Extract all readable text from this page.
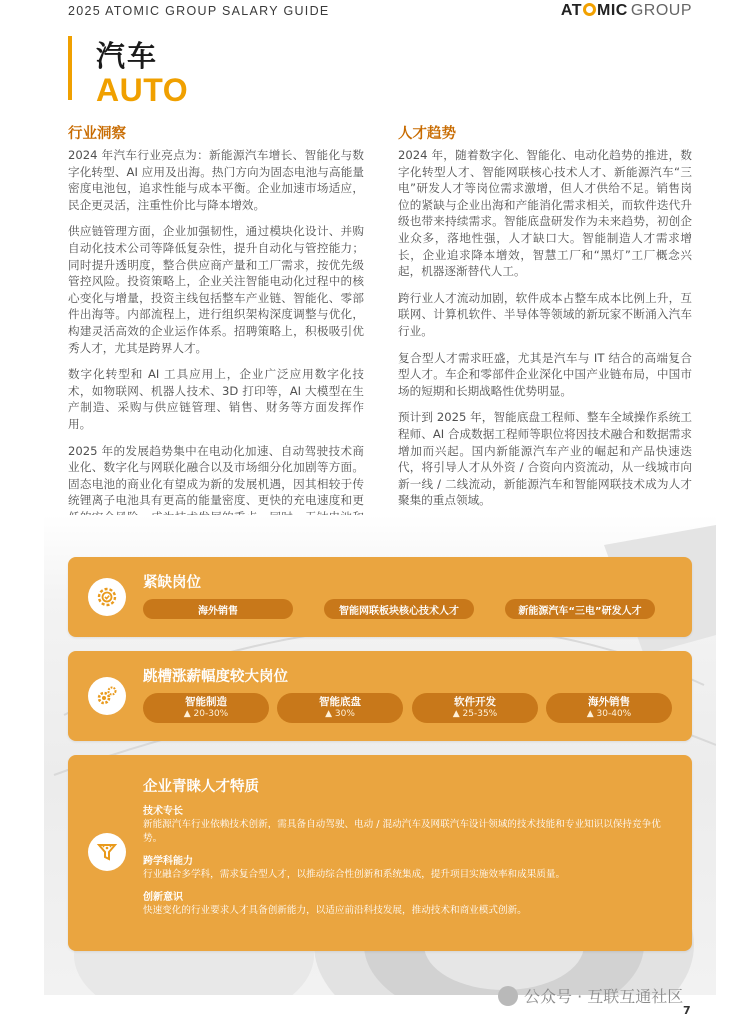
2025 ATOMIC GROUP SALARY GUIDE	AT MIC GROUP
汽车
AUTO
行业洞察

2024 年汽车行业亮点为：新能源汽车增长、智能化与数字化转型、AI 应用及出海。热门方向为固态电池与高能量密度电池包，追求性能与成本平衡。企业加速市场适应，民企更灵活，注重性价比与降本增效。

供应链管理方面，企业加强韧性，通过模块化设计、并购自动化技术公司等降低复杂性，提升自动化与管控能力；同时提升透明度，整合供应商产量和工厂需求，按优先级管控风险。投资策略上，企业关注智能电动化过程中的核心变化与增量，投资主线包括整车产业链、智能化、零部件出海等。内部流程上，进行组织架构深度调整与优化，构建灵活高效的企业运作体系。招聘策略上，积极吸引优秀人才，尤其是跨界人才。

数字化转型和 AI 工具应用上，企业广泛应用数字化技术，如物联网、机器人技术、3D 打印等，AI 大模型在生产制造、采购与供应链管理、销售、财务等方面发挥作用。

2025 年的发展趋势集中在电动化加速、自动驾驶技术商业化、数字化与网联化融合以及市场细分化加剧等方面。固态电池的商业化有望成为新的发展机遇，因其相较于传统锂离子电池具有更高的能量密度、更快的充电速度和更

人才趋势

2024 年，随着数字化、智能化、电动化趋势的推进，数字化转型人才、智能网联核心技术人才、新能源汽车“三电”研发人才等岗位需求激增，但人才供给不足。销售岗位的紧缺与企业出海和产能消化需求相关，而软件迭代升级也带来持续需求。智能底盘研发作为未来趋势，初创企业众多，落地性强，人才缺口大。智能制造人才需求增长，企业追求降本增效，智慧工厂和“黑灯”工厂概念兴起，机器逐渐替代人工。

跨行业人才流动加剧，软件成本占整车成本比例上升，互联网、计算机软件、半导体等领域的新玩家不断涌入汽车行业。

复合型人才需求旺盛，尤其是汽车与 IT 结合的高端复合型人才。车企和零部件企业深化中国产业链布局，中国市场的短期和长期战略性优势明显。

预计到 2025 年，智能底盘工程师、整车全域操作系统工程师、AI 合成数据工程师等职位将因技术融合和数据需求增加而兴起。国内新能源汽车产业的崛起和产品快速迭代，将引导人才从外资 / 合资向内资流动，从一线城市向新一线 / 二线流动，新能源汽车和智能网联技术成为人才聚集的重点领域。

紧缺岗位
海外销售	智能网联板块核心技术人才	新能源汽车“三电”研发人才
跳槽涨薪幅度较大岗位
智能制造
▲ 20-30%
智能底盘
▲ 30%
软件开发
▲ 25-35%
海外销售
▲ 30-40%
企业青睐人才特质
技术专长
新能源汽车行业依赖技术创新，需具备自动驾驶、电动 / 混动汽车及网联汽车设计领域的技术技能和专业知识以保持竞争优势。
跨学科能力
行业融合多学科，需求复合型人才，以推动综合性创新和系统集成，提升项目实施效率和成果质量。
创新意识
快速变化的行业要求人才具备创新能力，以适应前沿科技发展，推动技术和商业模式创新。
公众号 · 互联互通社区
7
